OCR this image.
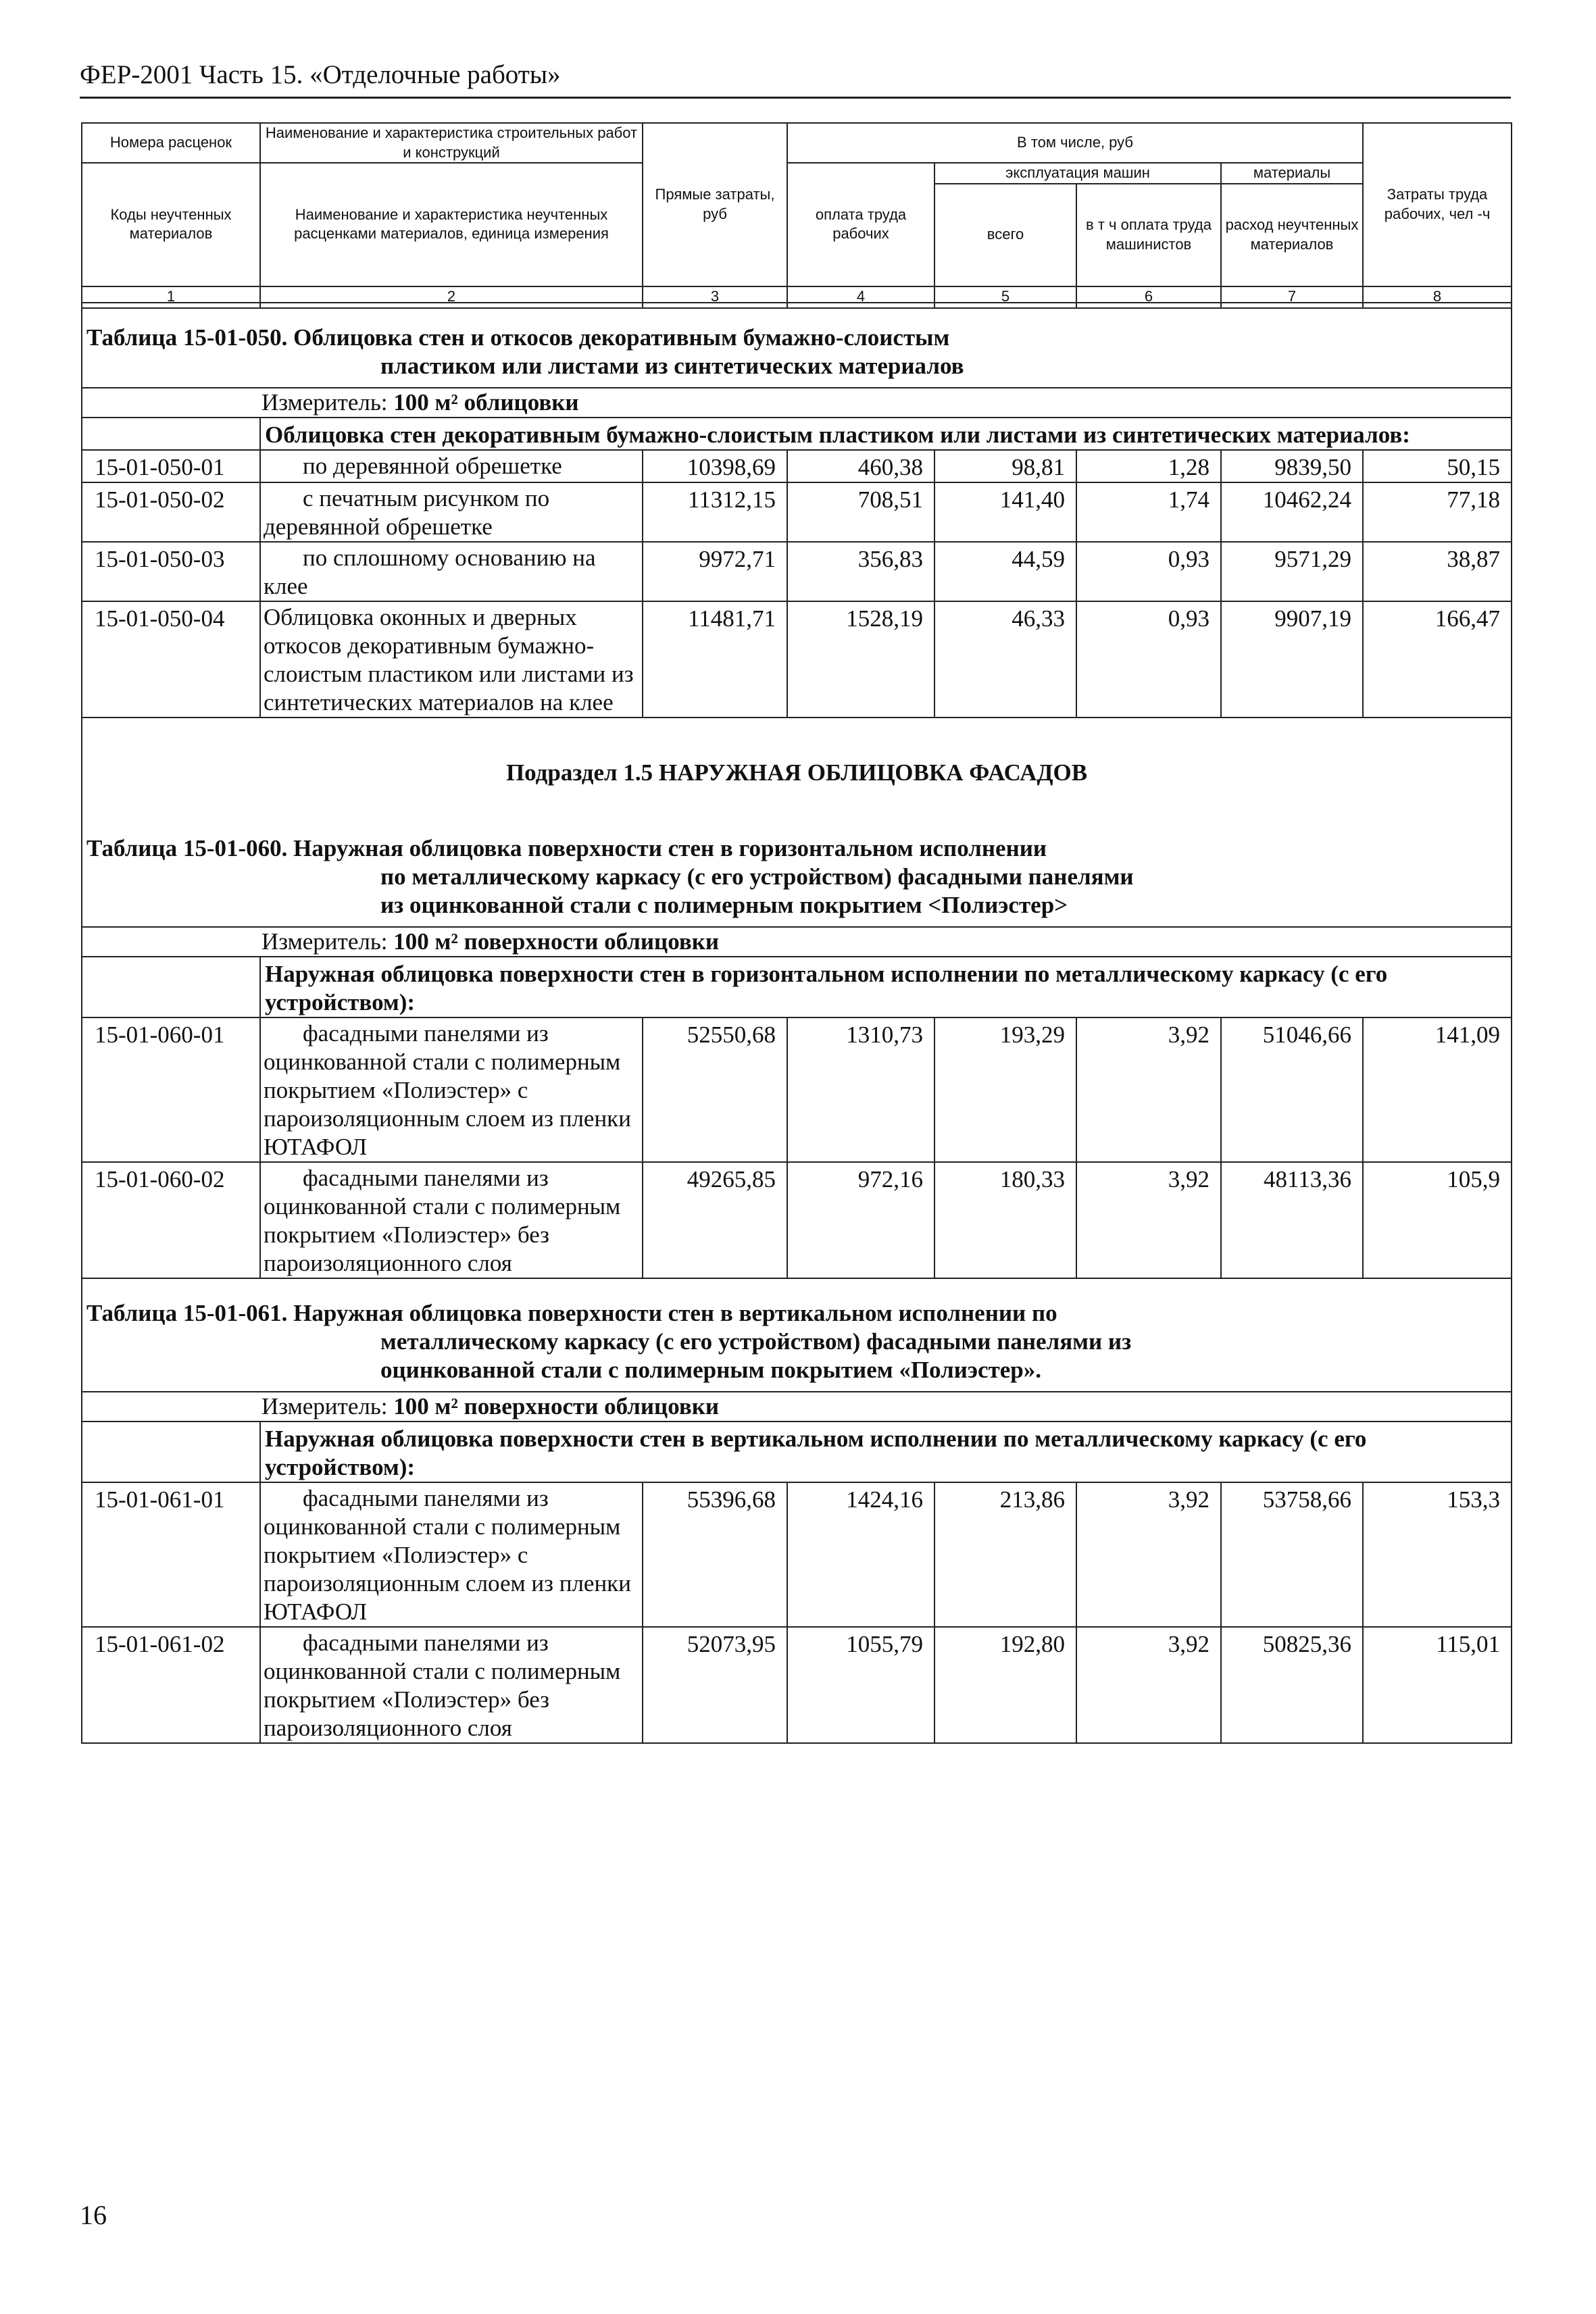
ФЕР-2001 Часть 15. «Отделочные работы»
Номера расценок	Наименование и характеристика строительных работ и конструкций	Прямые затраты, руб	В том числе, руб				Затраты труда рабочих, чел -ч
Коды неучтенных материалов	Наименование и характеристика неучтенных расценками материалов, единица измерения		оплата труда рабочих	эксплуатация машин		материалы	
				всего	в т ч оплата труда машинистов	расход неучтенных материалов	
1	2	3	4	5	6	7	8
Таблица 15-01-050. Облицовка стен и откосов декоративным бумажно-слоистым
пластиком или листами из синтетических материалов							

Измеритель: 100 м² облицовки							
	Облицовка стен декоративным бумажно-слоистым пластиком или листами из синтетических материалов:						
15-01-050-01	по деревянной обрешетке	10398,69	460,38	98,81	1,28	9839,50	50,15
15-01-050-02	с печатным рисунком по деревянной обрешетке	11312,15	708,51	141,40	1,74	10462,24	77,18
15-01-050-03	по сплошному основанию на клее	9972,71	356,83	44,59	0,93	9571,29	38,87
15-01-050-04	Облицовка оконных и дверных откосов декоративным бумажно-слоистым пластиком или листами из синтетических материалов на клее	11481,71	1528,19	46,33	0,93	9907,19	166,47
Подраздел 1.5 НАРУЖНАЯ ОБЛИЦОВКА ФАСАДОВ							

Таблица 15-01-060. Наружная облицовка поверхности стен в горизонтальном исполнении
по металлическому каркасу (с его устройством) фасадными панелями
из оцинкованной стали с полимерным покрытием <Полиэстер>							

Измеритель: 100 м² поверхности облицовки							
	Наружная облицовка поверхности стен в горизонтальном исполнении по металлическому каркасу (с его устройством):						
15-01-060-01	фасадными панелями из оцинкованной стали с полимерным покрытием «Полиэстер» с пароизоляционным слоем из пленки ЮТАФОЛ	52550,68	1310,73	193,29	3,92	51046,66	141,09
15-01-060-02	фасадными панелями из оцинкованной стали с полимерным покрытием «Полиэстер» без пароизоляционного слоя	49265,85	972,16	180,33	3,92	48113,36	105,9

Таблица 15-01-061. Наружная облицовка поверхности стен в вертикальном исполнении по
металлическому каркасу (с его устройством) фасадными панелями из
оцинкованной стали с полимерным покрытием «Полиэстер».							

Измеритель: 100 м² поверхности облицовки							
	Наружная облицовка поверхности стен в вертикальном исполнении по металлическому каркасу (с его устройством):						
15-01-061-01	фасадными панелями из оцинкованной стали с полимерным покрытием «Полиэстер» с пароизоляционным слоем из пленки ЮТАФОЛ	55396,68	1424,16	213,86	3,92	53758,66	153,3
15-01-061-02	фасадными панелями из оцинкованной стали с полимерным покрытием «Полиэстер» без пароизоляционного слоя	52073,95	1055,79	192,80	3,92	50825,36	115,01
16
